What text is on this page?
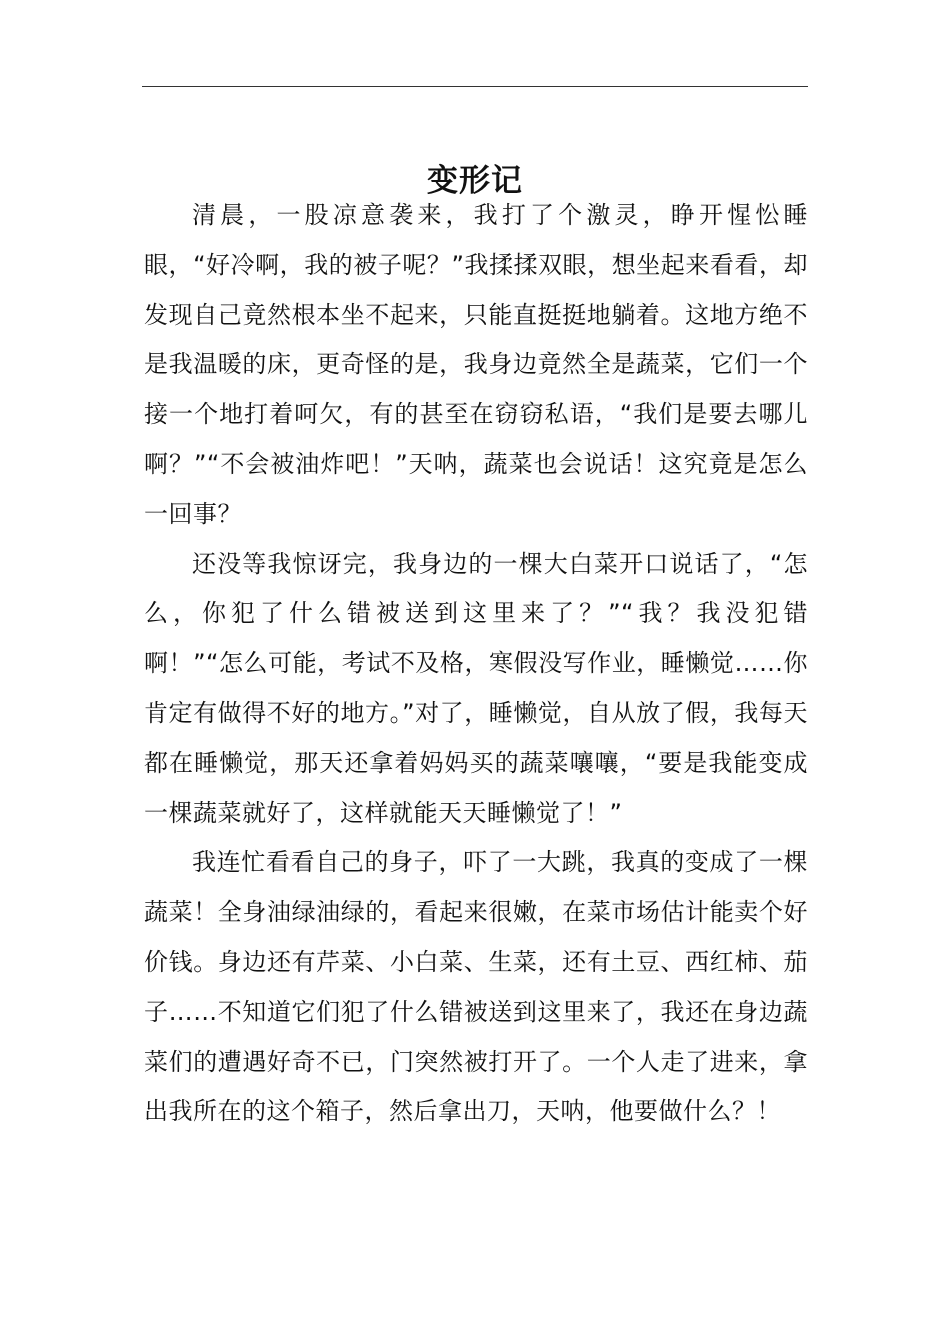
变形记

清晨，一股凉意袭来，我打了个激灵，睁开惺忪睡眼，“好冷啊，我的被子呢？”我揉揉双眼，想坐起来看看，却发现自己竟然根本坐不起来，只能直挺挺地躺着。这地方绝不是我温暖的床，更奇怪的是，我身边竟然全是蔬菜，它们一个接一个地打着呵欠，有的甚至在窃窃私语，“我们是要去哪儿啊？”“不会被油炸吧！”天呐，蔬菜也会说话！这究竟是怎么一回事？

还没等我惊讶完，我身边的一棵大白菜开口说话了，“怎么，你犯了什么错被送到这里来了？”“我？我没犯错啊！”“怎么可能，考试不及格，寒假没写作业，睡懒觉……你肯定有做得不好的地方。”对了，睡懒觉，自从放了假，我每天都在睡懒觉，那天还拿着妈妈买的蔬菜嚷嚷，“要是我能变成一棵蔬菜就好了，这样就能天天睡懒觉了！”

我连忙看看自己的身子，吓了一大跳，我真的变成了一棵蔬菜！全身油绿油绿的，看起来很嫩，在菜市场估计能卖个好价钱。身边还有芹菜、小白菜、生菜，还有土豆、西红柿、茄子……不知道它们犯了什么错被送到这里来了，我还在身边蔬菜们的遭遇好奇不已，门突然被打开了。一个人走了进来，拿出我所在的这个箱子，然后拿出刀，天呐，他要做什么？！
